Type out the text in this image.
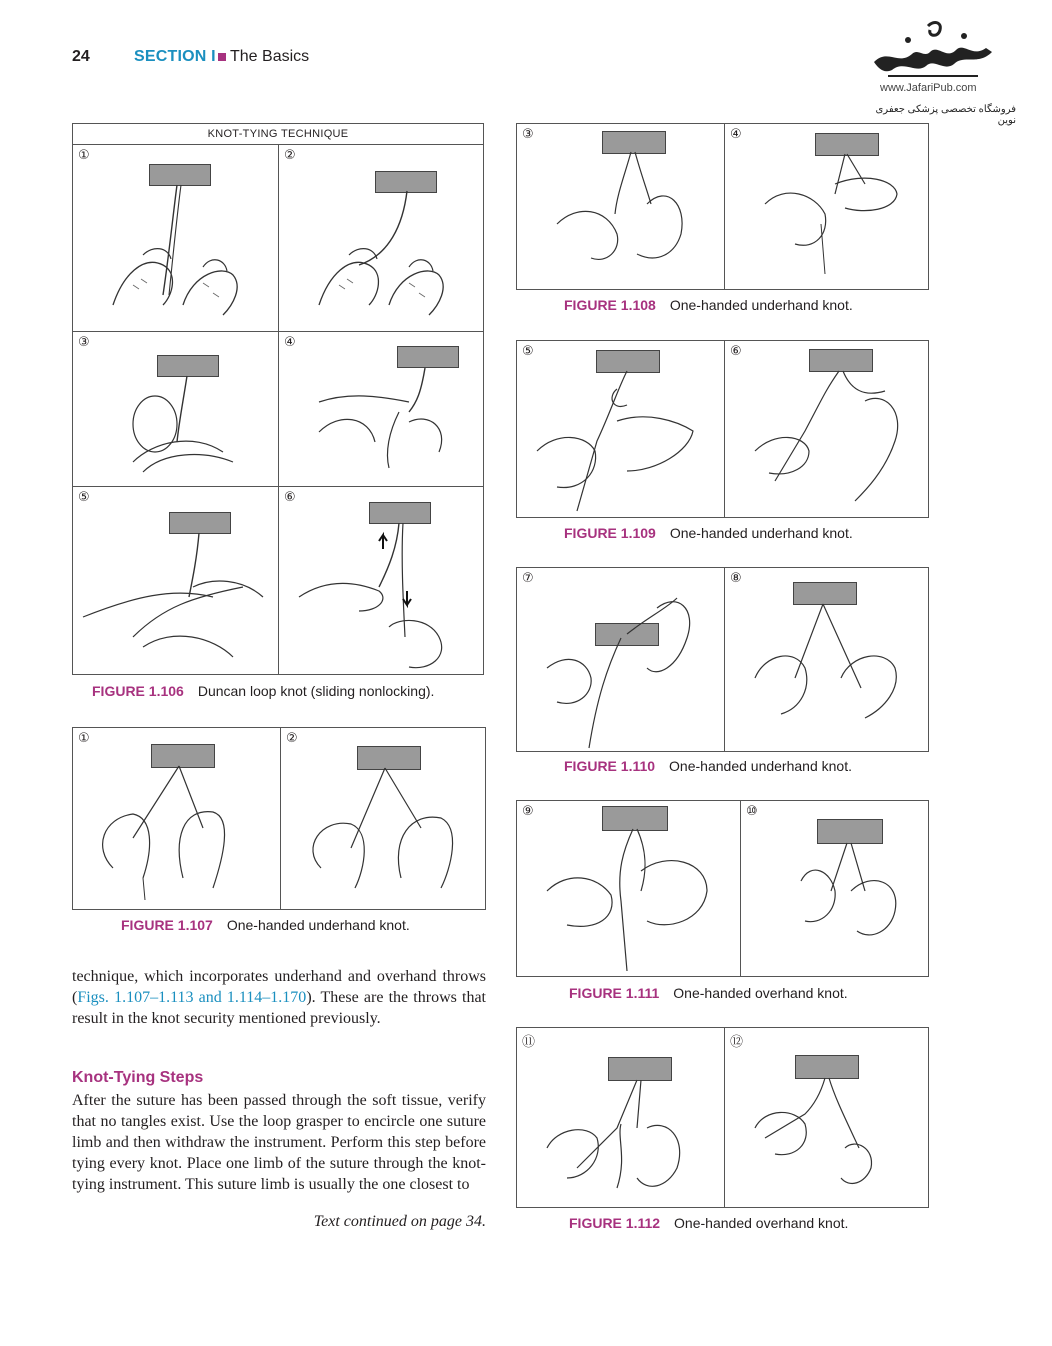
24	SECTION I The Basics
www.JafariPub.com
فروشگاه تخصصی پزشکی جعفری نوین
KNOT-TYING TECHNIQUE
①	②
③	④
⑤	⑥
FIGURE 1.106 Duncan loop knot (sliding nonlocking).
①	②
FIGURE 1.107 One-handed underhand knot.
③	④
FIGURE 1.108 One-handed underhand knot.
⑤	⑥
FIGURE 1.109 One-handed underhand knot.
⑦	⑧
FIGURE 1.110 One-handed underhand knot.
⑨	⑩
FIGURE 1.111 One-handed overhand knot.
⑪	⑫
FIGURE 1.112 One-handed overhand knot.
technique, which incorporates underhand and overhand throws (Figs. 1.107–1.113 and 1.114–1.170). These are the throws that result in the knot security mentioned previously.
Knot-Tying Steps
After the suture has been passed through the soft tissue, verify that no tangles exist. Use the loop grasper to encircle one suture limb and then withdraw the instrument. Perform this step before tying every knot. Place one limb of the suture through the knot-tying instrument. This suture limb is usually the one closest to
Text continued on page 34.
